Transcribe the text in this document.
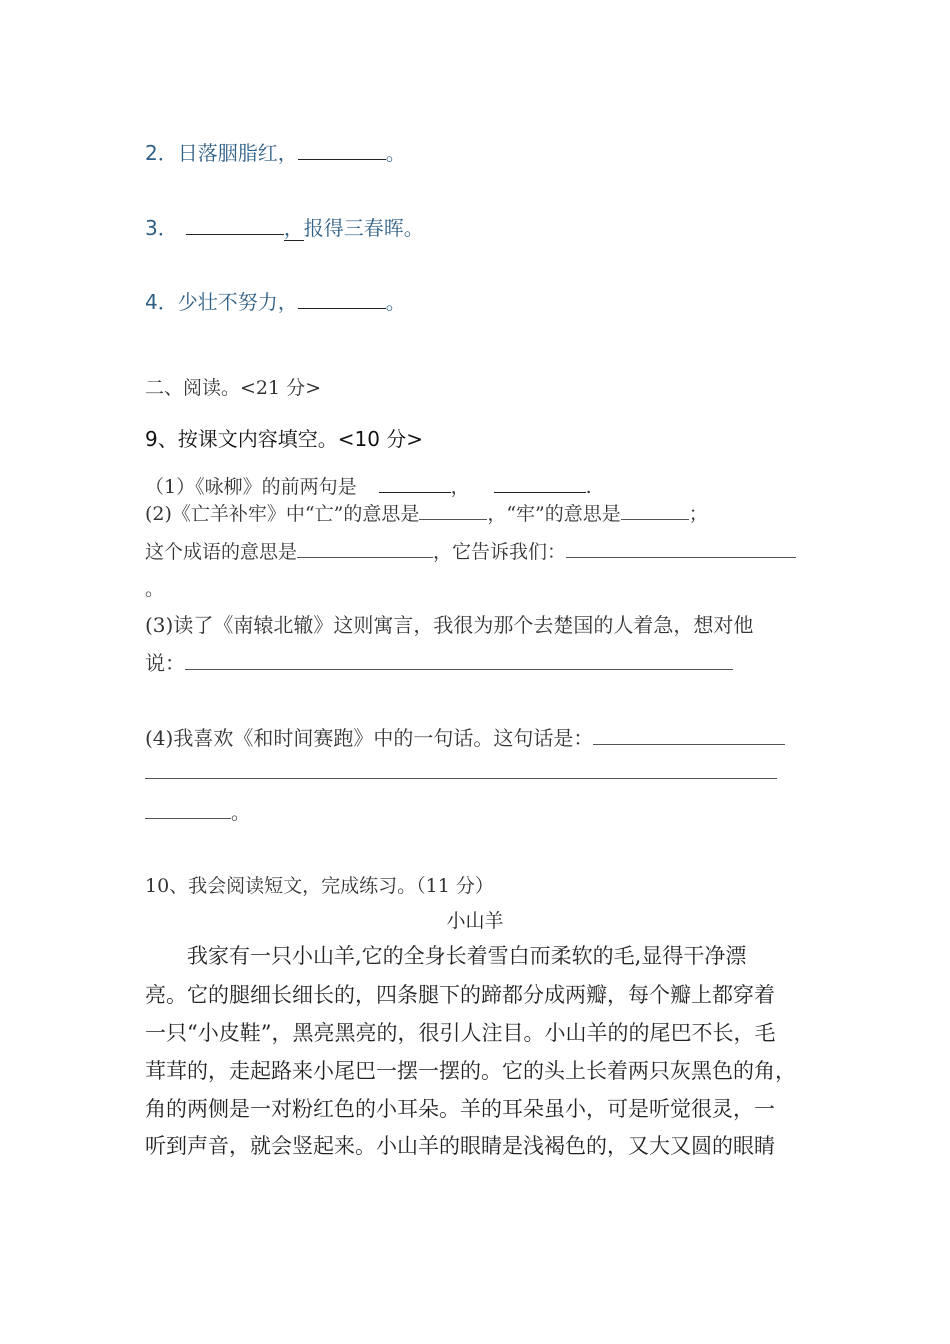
2．日落胭脂红，	。
3．	，报得三春晖。
4．少壮不努力，	。
二、阅读。<21 分>
9、按课文内容填空。<10 分>
（1）《咏柳》的前两句是	，	.
(2)《亡羊补牢》中“亡”的意思是	，“牢”的意思是	；
这个成语的意思是	，它告诉我们：
。
(3)读了《南辕北辙》这则寓言，我很为那个去楚国的人着急，想对他
说：
(4)我喜欢《和时间赛跑》中的一句话。这句话是：
。
10、我会阅读短文，完成练习。（11 分）
小山羊
我家有一只小山羊,它的全身长着雪白而柔软的毛,显得干净漂
亮。它的腿细长细长的，四条腿下的蹄都分成两瓣，每个瓣上都穿着
一只“小皮鞋”，黑亮黑亮的，很引人注目。小山羊的的尾巴不长，毛
茸茸的，走起路来小尾巴一摆一摆的。它的头上长着两只灰黑色的角，
角的两侧是一对粉红色的小耳朵。羊的耳朵虽小，可是听觉很灵，一
听到声音，就会竖起来。小山羊的眼睛是浅褐色的，又大又圆的眼睛
